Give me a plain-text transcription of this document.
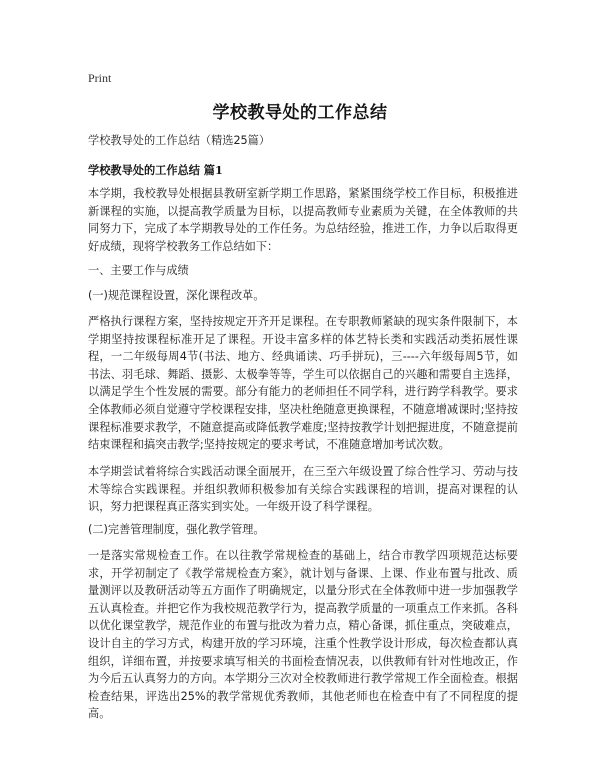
Print
学校教导处的工作总结
学校教导处的工作总结（精选25篇）
学校教导处的工作总结 篇1
本学期，我校教导处根据县教研室新学期工作思路，紧紧围绕学校工作目标，积极推进新课程的实施，以提高教学质量为目标，以提高教师专业素质为关键，在全体教师的共同努力下，完成了本学期教导处的工作任务。为总结经验，推进工作，力争以后取得更好成绩，现将学校教务工作总结如下：
一、主要工作与成绩
(一)规范课程设置，深化课程改革。
严格执行课程方案，坚持按规定开齐开足课程。在专职教师紧缺的现实条件限制下，本学期坚持按课程标准开足了课程。开设丰富多样的体艺特长类和实践活动类拓展性课程，一二年级每周4节(书法、地方、经典诵读、巧手拼玩)，三----六年级每周5节，如书法、羽毛球、舞蹈、摄影、太极拳等等，学生可以依据自己的兴趣和需要自主选择，以满足学生个性发展的需要。部分有能力的老师担任不同学科，进行跨学科教学。要求全体教师必须自觉遵守学校课程安排，坚决杜绝随意更换课程，不随意增减课时;坚持按课程标准要求教学，不随意提高或降低教学难度;坚持按教学计划把握进度，不随意提前结束课程和搞突击教学;坚持按规定的要求考试，不准随意增加考试次数。
本学期尝试着将综合实践活动课全面展开，在三至六年级设置了综合性学习、劳动与技术等综合实践课程。并组织教师积极参加有关综合实践课程的培训，提高对课程的认识，努力把课程真正落实到实处。一年级开设了科学课程。
(二)完善管理制度，强化教学管理。
一是落实常规检查工作。在以往教学常规检查的基础上，结合市教学四项规范达标要求，开学初制定了《教学常规检查方案》，就计划与备课、上课、作业布置与批改、质量测评以及教研活动等五方面作了明确规定，以量分形式在全体教师中进一步加强教学五认真检查。并把它作为我校规范教学行为，提高教学质量的一项重点工作来抓。各科以优化课堂教学，规范作业的布置与批改为着力点，精心备课，抓住重点，突破难点，设计自主的学习方式，构建开放的学习环境，注重个性教学设计形成，每次检查都认真组织，详细布置，并按要求填写相关的书面检查情况表，以供教师有针对性地改正，作为今后五认真努力的方向。本学期分三次对全校教师进行教学常规工作全面检查。根据检查结果，评选出25%的教学常规优秀教师，其他老师也在检查中有了不同程度的提高。
